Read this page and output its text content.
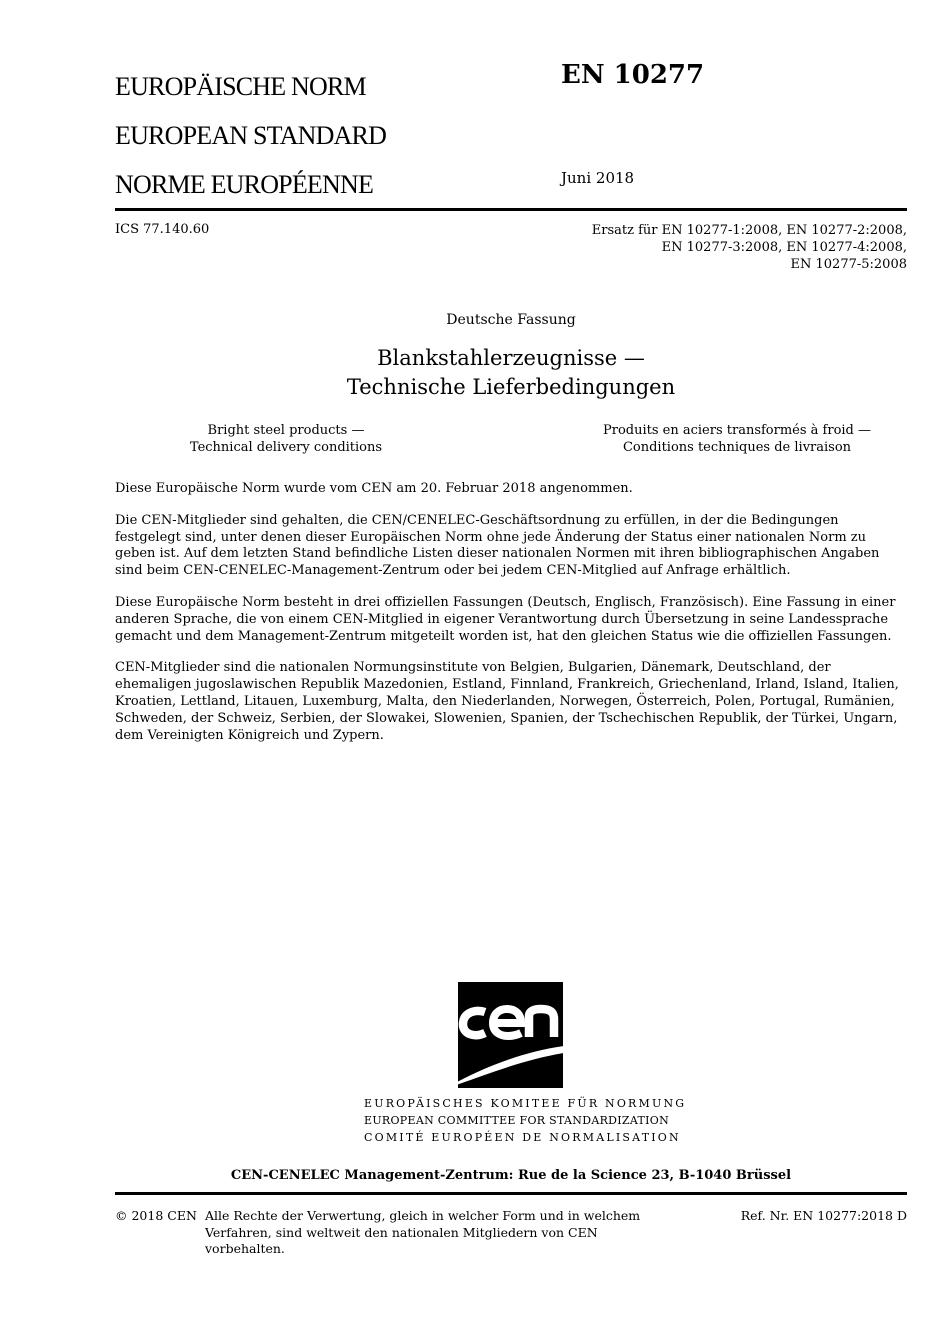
EUROPÄISCHE NORM
EUROPEAN STANDARD
NORME EUROPÉENNE
EN 10277
Juni 2018
ICS 77.140.60	Ersatz für EN 10277-1:2008, EN 10277-2:2008,
EN 10277-3:2008, EN 10277-4:2008,
EN 10277-5:2008
Deutsche Fassung
Blankstahlerzeugnisse —
Technische Lieferbedingungen
Bright steel products —
Technical delivery conditions
Produits en aciers transformés à froid —
Conditions techniques de livraison

Diese Europäische Norm wurde vom CEN am 20. Februar 2018 angenommen.

Die CEN-Mitglieder sind gehalten, die CEN/CENELEC-Geschäftsordnung zu erfüllen, in der die Bedingungen festgelegt sind, unter denen dieser Europäischen Norm ohne jede Änderung der Status einer nationalen Norm zu geben ist. Auf dem letzten Stand befindliche Listen dieser nationalen Normen mit ihren bibliographischen Angaben sind beim CEN-CENELEC-Management-Zentrum oder bei jedem CEN-Mitglied auf Anfrage erhältlich.

Diese Europäische Norm besteht in drei offiziellen Fassungen (Deutsch, Englisch, Französisch). Eine Fassung in einer anderen Sprache, die von einem CEN-Mitglied in eigener Verantwortung durch Übersetzung in seine Landessprache gemacht und dem Management-Zentrum mitgeteilt worden ist, hat den gleichen Status wie die offiziellen Fassungen.

CEN-Mitglieder sind die nationalen Normungsinstitute von Belgien, Bulgarien, Dänemark, Deutschland, der ehemaligen jugoslawischen Republik Mazedonien, Estland, Finnland, Frankreich, Griechenland, Irland, Island, Italien, Kroatien, Lettland, Litauen, Luxemburg, Malta, den Niederlanden, Norwegen, Österreich, Polen, Portugal, Rumänien, Schweden, der Schweiz, Serbien, der Slowakei, Slowenien, Spanien, der Tschechischen Republik, der Türkei, Ungarn, dem Vereinigten Königreich und Zypern.

EUROPÄISCHES KOMITEE FÜR NORMUNG
EUROPEAN COMMITTEE FOR STANDARDIZATION
COMITÉ EUROPÉEN DE NORMALISATION
CEN-CENELEC Management-Zentrum: Rue de la Science 23, B-1040 Brüssel
© 2018 CEN Alle Rechte der Verwertung, gleich in welcher Form und in welchem
Verfahren, sind weltweit den nationalen Mitgliedern von CEN
vorbehalten.
Ref. Nr. EN 10277:2018 D
